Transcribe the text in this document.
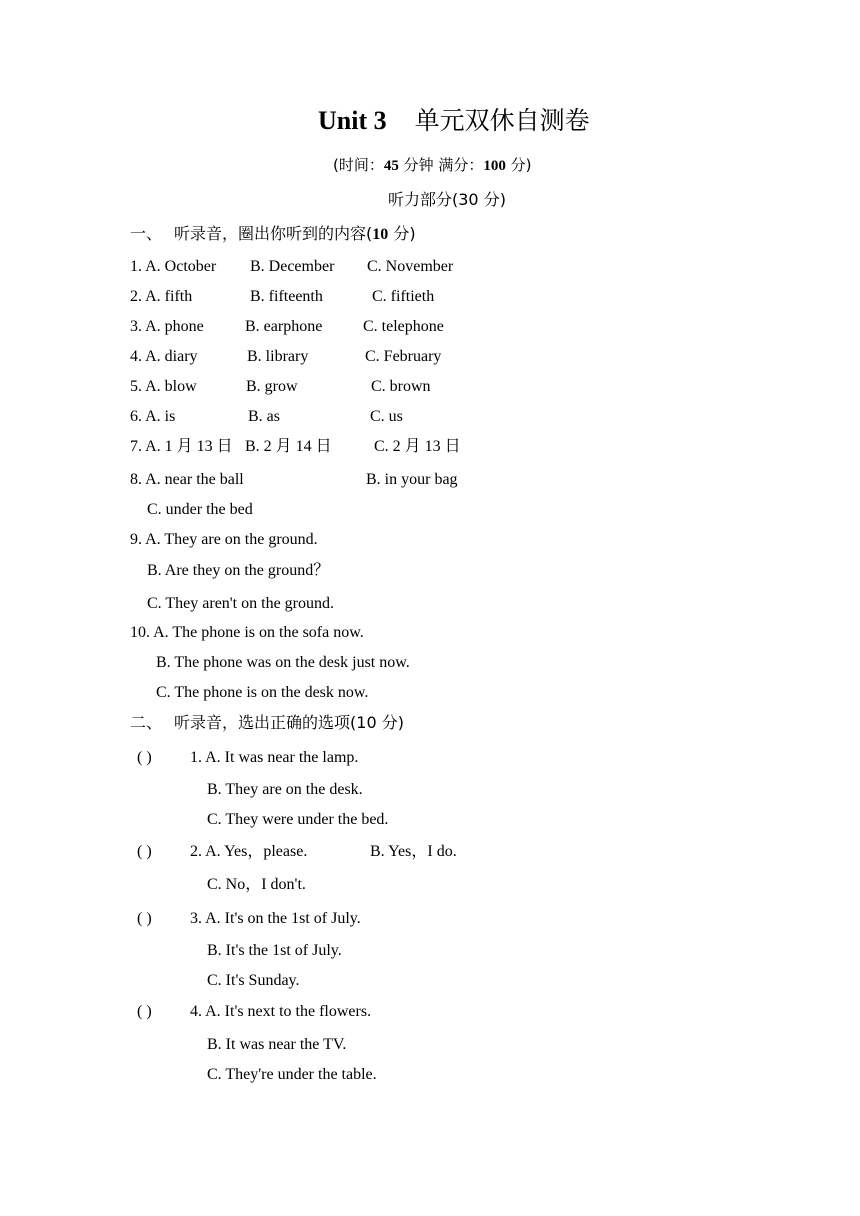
Unit 3 单元双休自测卷
(时间：45 分钟 满分：100 分)
听力部分(30 分)
一、 听录音，圈出你听到的内容(10 分)
1. A. October B. December C. November
2. A. fifth	B. fifteenth	C. fiftieth
3. A. phone	B. earphone	C. telephone
4. A. diary	B. library	C. February
5. A. blow	B. grow	C. brown
6. A. is	B. as	C. us
7. A. 1 月 13 日 B. 2 月 14 日	C. 2 月 13 日
8. A. near the ball	B. in your bag
C. under the bed
9. A. They are on the ground.
B. Are they on the ground？
C. They aren't on the ground.
10. A. The phone is on the sofa now.
B. The phone was on the desk just now.
C. The phone is on the desk now.
二、 听录音，选出正确的选项(10 分)
( ) 1. A. It was near the lamp.
B. They are on the desk.
C. They were under the bed.
( ) 2. A. Yes，please.	B. Yes，I do.
C. No，I don't.
( ) 3. A. It's on the 1st of July.
B. It's the 1st of July.
C. It's Sunday.
( ) 4. A. It's next to the flowers.
B. It was near the TV.
C. They're under the table.
